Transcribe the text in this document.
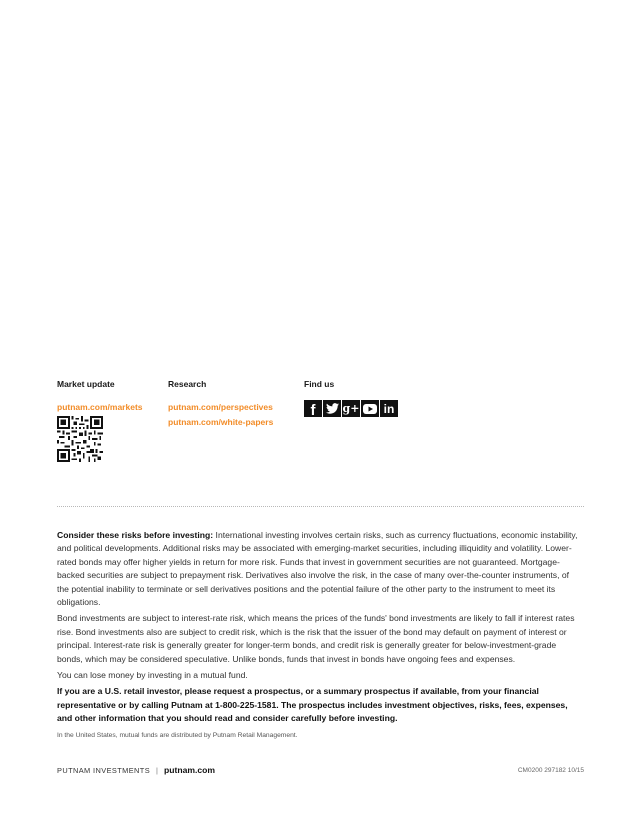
Market update
putnam.com/markets
Research
putnam.com/perspectives
putnam.com/white-papers
Find us
f g+ in

Consider these risks before investing: International investing involves certain risks, such as currency fluctuations, economic instability, and political developments. Additional risks may be associated with emerging-market securities, including illiquidity and volatility. Lower-rated bonds may offer higher yields in return for more risk. Funds that invest in government securities are not guaranteed. Mortgage-backed securities are subject to prepayment risk. Derivatives also involve the risk, in the case of many over-the-counter instruments, of the potential inability to terminate or sell derivatives positions and the potential failure of the other party to the instrument to meet its obligations.

Bond investments are subject to interest-rate risk, which means the prices of the funds' bond investments are likely to fall if interest rates rise. Bond investments also are subject to credit risk, which is the risk that the issuer of the bond may default on payment of interest or principal. Interest-rate risk is generally greater for longer-term bonds, and credit risk is generally greater for below-investment-grade bonds, which may be considered speculative. Unlike bonds, funds that invest in bonds have ongoing fees and expenses.

You can lose money by investing in a mutual fund.

If you are a U.S. retail investor, please request a prospectus, or a summary prospectus if available, from your financial representative or by calling Putnam at 1-800-225-1581. The prospectus includes investment objectives, risks, fees, expenses, and other information that you should read and consider carefully before investing.

In the United States, mutual funds are distributed by Putnam Retail Management.

PUTNAM INVESTMENTS | putnam.com	CM0200 297182 10/15
